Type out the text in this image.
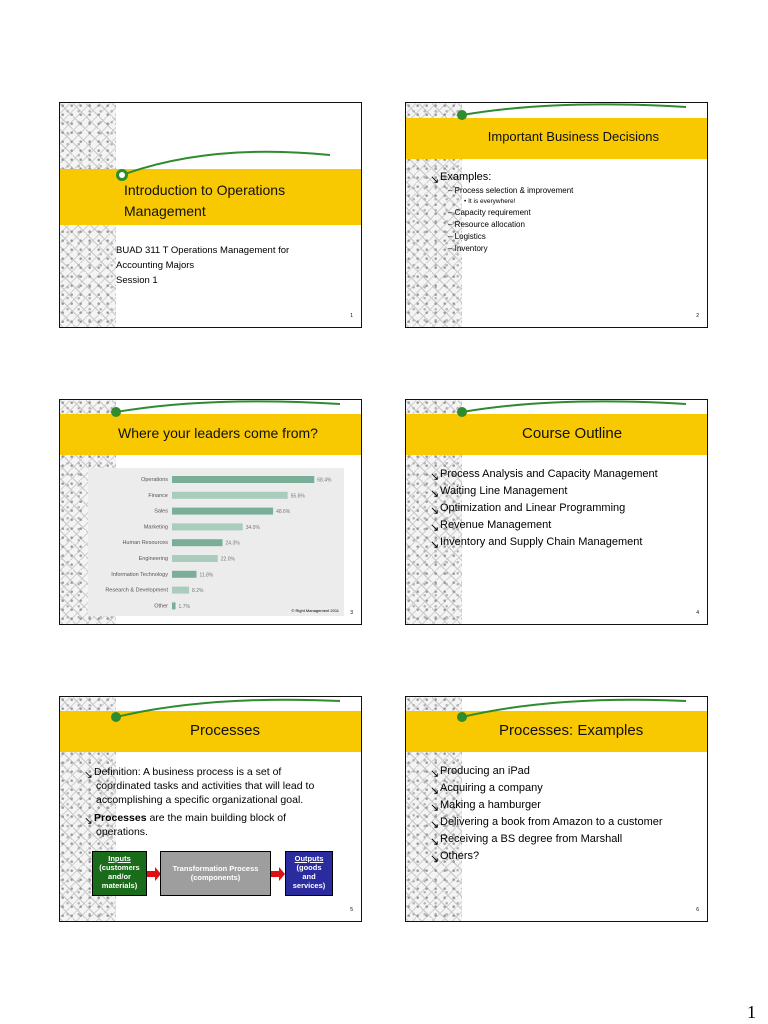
Introduction to Operations
Management
BUAD 311 T Operations Management for
Accounting Majors
Session 1
1
Important Business Decisions
↘Examples:
– Process selection & improvement
• It is everywhere!
– Capacity requirement
– Resource allocation
– Logistics
– Inventory
2
Where your leaders come from?
Operations	68.4%
Finance	55.6%
Sales	48.6%
Marketing	34.0%
Human Resources	24.3%
Engineering	22.0%
Information Technology	11.8%
Research & Development	8.2%
Other 1.7%
© Right Management 2011 3
Course Outline
↘Process Analysis and Capacity Management
↘Waiting Line Management
↘Optimization and Linear Programming
↘Revenue Management
↘Inventory and Supply Chain Management
4
Processes
↘Definition: A business process is a set of
coordinated tasks and activities that will lead to
accomplishing a specific organizational goal.
↘Processes are the main building block of
operations.
Inputs
(customers
and/or
materials)
Transformation Process
(components)
Outputs
(goods
and
services)
5
Processes: Examples
↘Producing an iPad
↘Acquiring a company
↘Making a hamburger
↘Delivering a book from Amazon to a customer
↘Receiving a BS degree from Marshall
↘Others?
6
1
